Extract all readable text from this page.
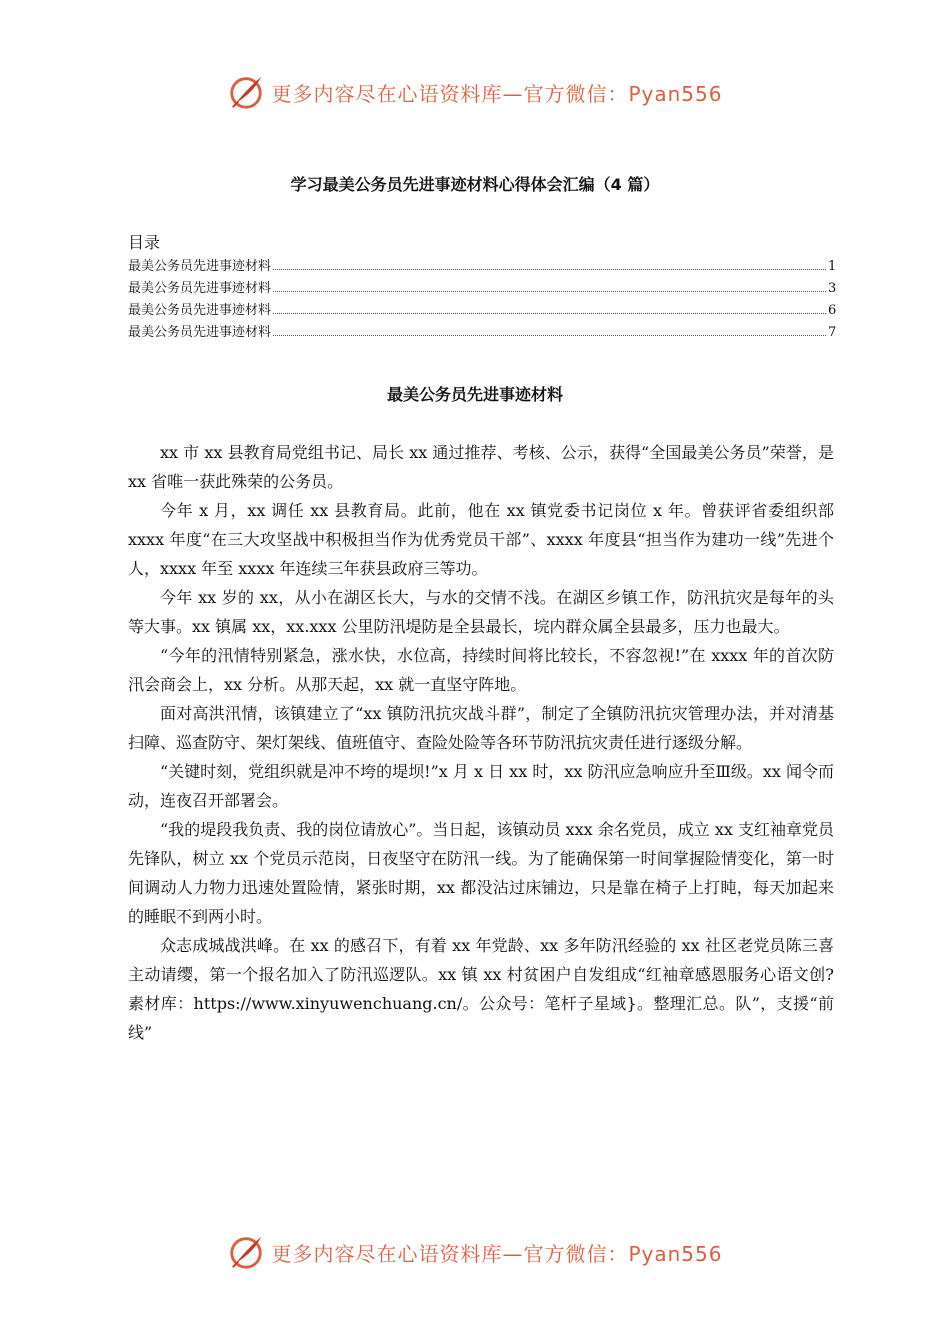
更多内容尽在心语资料库—官方微信：Pyan556
学习最美公务员先进事迹材料心得体会汇编（4 篇）
目录
最美公务员先进事迹材料	1
最美公务员先进事迹材料	3
最美公务员先进事迹材料	6
最美公务员先进事迹材料	7
最美公务员先进事迹材料

xx 市 xx 县教育局党组书记、局长 xx 通过推荐、考核、公示，获得“全国最美公务员”荣誉，是 xx 省唯一获此殊荣的公务员。

今年 x 月，xx 调任 xx 县教育局。此前，他在 xx 镇党委书记岗位 x 年。曾获评省委组织部 xxxx 年度“在三大攻坚战中积极担当作为优秀党员干部”、xxxx 年度县“担当作为建功一线”先进个人，xxxx 年至 xxxx 年连续三年获县政府三等功。

今年 xx 岁的 xx，从小在湖区长大，与水的交情不浅。在湖区乡镇工作，防汛抗灾是每年的头等大事。xx 镇属 xx，xx.xxx 公里防汛堤防是全县最长，垸内群众属全县最多，压力也最大。

“今年的汛情特别紧急，涨水快，水位高，持续时间将比较长，不容忽视!”在 xxxx 年的首次防汛会商会上，xx 分析。从那天起，xx 就一直坚守阵地。

面对高洪汛情，该镇建立了“xx 镇防汛抗灾战斗群”，制定了全镇防汛抗灾管理办法，并对清基扫障、巡查防守、架灯架线、值班值守、查险处险等各环节防汛抗灾责任进行逐级分解。

“关键时刻，党组织就是冲不垮的堤坝!”x 月 x 日 xx 时，xx 防汛应急响应升至Ⅲ级。xx 闻令而动，连夜召开部署会。

“我的堤段我负责、我的岗位请放心”。当日起，该镇动员 xxx 余名党员，成立 xx 支红袖章党员先锋队，树立 xx 个党员示范岗，日夜坚守在防汛一线。为了能确保第一时间掌握险情变化，第一时间调动人力物力迅速处置险情，紧张时期，xx 都没沾过床铺边，只是靠在椅子上打盹，每天加起来的睡眠不到两小时。

众志成城战洪峰。在 xx 的感召下，有着 xx 年党龄、xx 多年防汛经验的 xx 社区老党员陈三喜主动请缨，第一个报名加入了防汛巡逻队。xx 镇 xx 村贫困户自发组成“红袖章感恩服务心语文创?素材库：https://www.xinyuwenchuang.cn/。公众号：笔杆子星域}。整理汇总。队”，支援“前线”

更多内容尽在心语资料库—官方微信：Pyan556
